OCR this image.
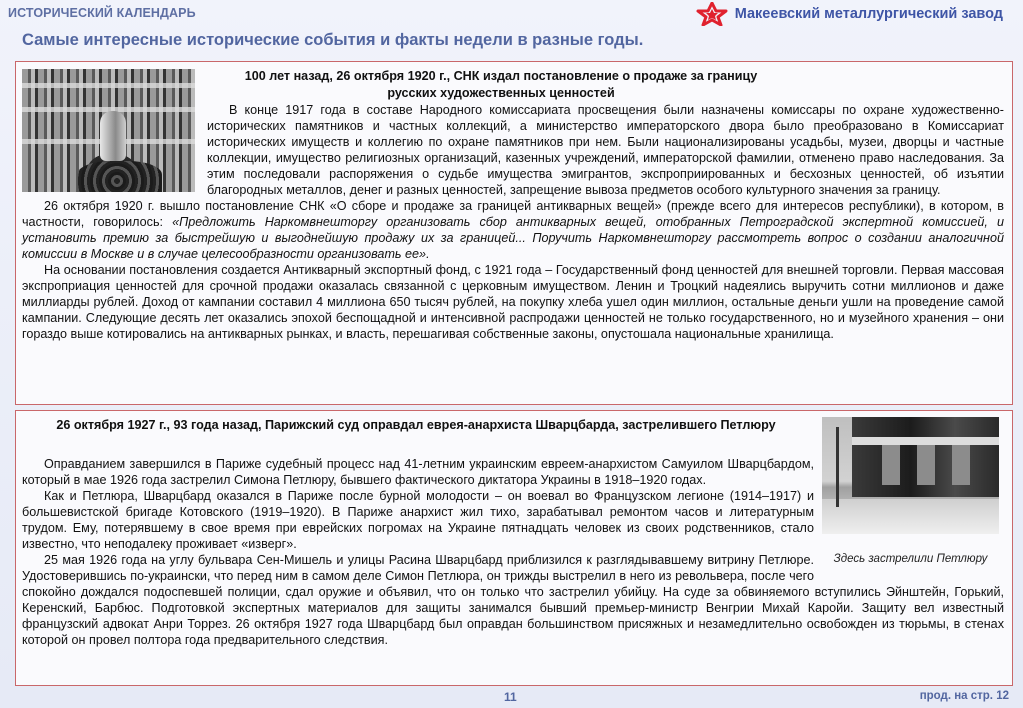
ИСТОРИЧЕСКИЙ КАЛЕНДАРЬ	Макеевский металлургический завод
Самые интересные исторические события и факты недели в разные годы.
100 лет назад, 26 октября 1920 г., СНК издал постановление о продаже за границу русских художественных ценностей

В конце 1917 года в составе Народного комиссариата просвещения были назначены комиссары по охране художественно-исторических памятников и частных коллекций, а министерство императорского двора было преобразовано в Комиссариат исторических имуществ и коллегию по охране памятников при нем. Были национализированы усадьбы, музеи, дворцы и частные коллекции, имущество религиозных организаций, казенных учреждений, императорской фамилии, отменено право наследования. За этим последовали распоряжения о судьбе имущества эмигрантов, экспроприированных и бесхозных ценностей, об изъятии благородных металлов, денег и разных ценностей, запрещение вывоза предметов особого культурного значения за границу.

26 октября 1920 г. вышло постановление СНК «О сборе и продаже за границей антикварных вещей» (прежде всего для интересов республики), в котором, в частности, говорилось: «Предложить Наркомвнешторгу организовать сбор антикварных вещей, отобранных Петроградской экспертной комиссией, и установить премию за быстрейшую и выгоднейшую продажу их за границей... Поручить Наркомвнешторгу рассмотреть вопрос о создании аналогичной комиссии в Москве и в случае целесообразности организовать ее».

На основании постановления создается Антикварный экспортный фонд, с 1921 года – Государственный фонд ценностей для внешней торговли. Первая массовая экспроприация ценностей для срочной продажи оказалась связанной с церковным имуществом. Ленин и Троцкий надеялись выручить сотни миллионов и даже миллиарды рублей. Доход от кампании составил 4 миллиона 650 тысяч рублей, на покупку хлеба ушел один миллион, остальные деньги ушли на проведение самой кампании. Следующие десять лет оказались эпохой беспощадной и интенсивной распродажи ценностей не только государственного, но и музейного хранения – они гораздо выше котировались на антикварных рынках, и власть, перешагивая собственные законы, опустошала национальные хранилища.

Здесь застрелили Петлюру
26 октября 1927 г., 93 года назад, Парижский суд оправдал еврея-анархиста Шварцбарда, застрелившего Петлюру

Оправданием завершился в Париже судебный процесс над 41-летним украинским евреем-анархистом Самуилом Шварцбардом, который в мае 1926 года застрелил Симона Петлюру, бывшего фактического диктатора Украины в 1918–1920 годах.

Как и Петлюра, Шварцбард оказался в Париже после бурной молодости – он воевал во Французском легионе (1914–1917) и большевистской бригаде Котовского (1919–1920). В Париже анархист жил тихо, зарабатывал ремонтом часов и литературным трудом. Ему, потерявшему в свое время при еврейских погромах на Украине пятнадцать человек из своих родственников, стало известно, что неподалеку проживает «изверг».

25 мая 1926 года на углу бульвара Сен-Мишель и улицы Расина Шварцбард приблизился к разглядывавшему витрину Петлюре. Удостоверившись по-украински, что перед ним в самом деле Симон Петлюра, он трижды выстрелил в него из револьвера, после чего спокойно дождался подоспевшей полиции, сдал оружие и объявил, что он только что застрелил убийцу. На суде за обвиняемого вступились Эйнштейн, Горький, Керенский, Барбюс. Подготовкой экспертных материалов для защиты занимался бывший премьер-министр Венгрии Михай Каройи. Защиту вел известный французский адвокат Анри Торрез. 26 октября 1927 года Шварцбард был оправдан большинством присяжных и незамедлительно освобожден из тюрьмы, в стенах которой он провел полтора года предварительного следствия.

11	прод. на стр. 12
